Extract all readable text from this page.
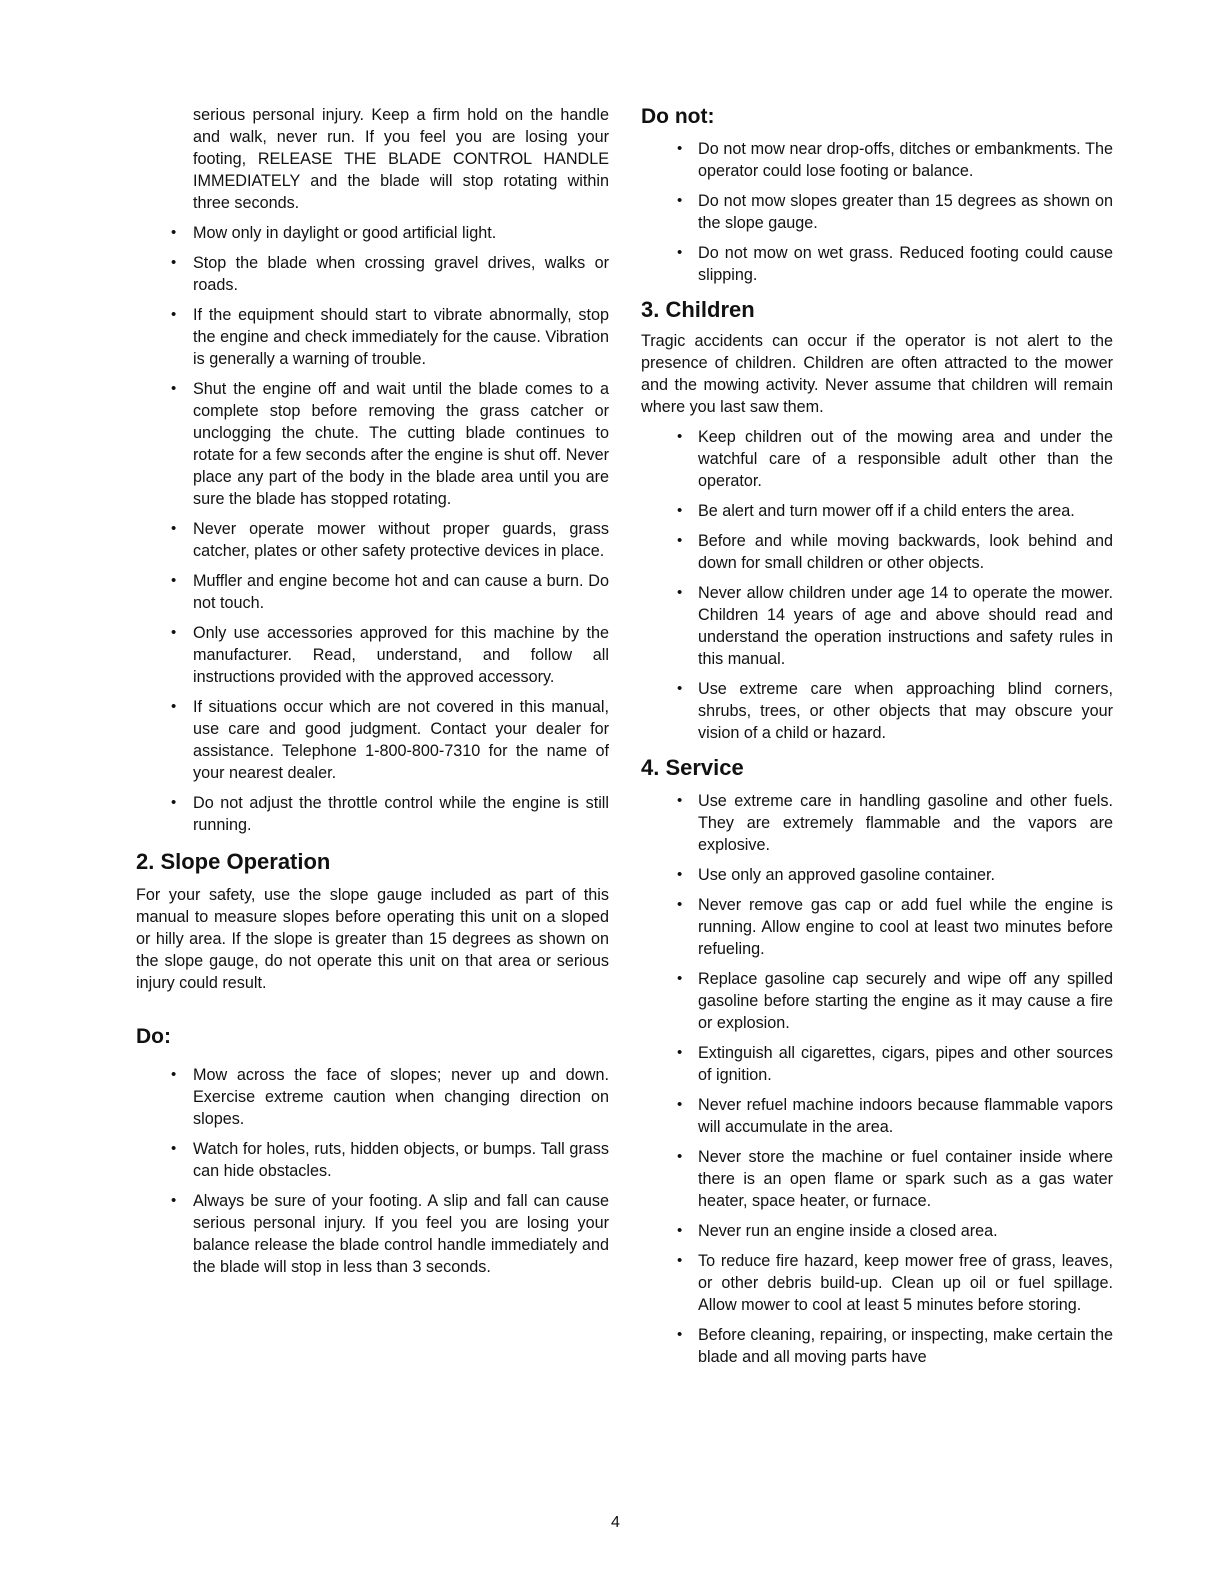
serious personal injury. Keep a firm hold on the handle and walk, never run. If you feel you are losing your footing, RELEASE THE BLADE CONTROL HANDLE IMMEDIATELY and the blade will stop rotating within three seconds.

• Mow only in daylight or good artificial light.
• Stop the blade when crossing gravel drives, walks or roads.
• If the equipment should start to vibrate abnormally, stop the engine and check immediately for the cause. Vibration is generally a warning of trouble.
• Shut the engine off and wait until the blade comes to a complete stop before removing the grass catcher or unclogging the chute. The cutting blade continues to rotate for a few seconds after the engine is shut off. Never place any part of the body in the blade area until you are sure the blade has stopped rotating.
• Never operate mower without proper guards, grass catcher, plates or other safety protective devices in place.
• Muffler and engine become hot and can cause a burn. Do not touch.
• Only use accessories approved for this machine by the manufacturer. Read, understand, and follow all instructions provided with the approved accessory.
• If situations occur which are not covered in this manual, use care and good judgment. Contact your dealer for assistance. Telephone 1-800-800-7310 for the name of your nearest dealer.
• Do not adjust the throttle control while the engine is still running.
2. Slope Operation

For your safety, use the slope gauge included as part of this manual to measure slopes before operating this unit on a sloped or hilly area. If the slope is greater than 15 degrees as shown on the slope gauge, do not operate this unit on that area or serious injury could result.

Do:
• Mow across the face of slopes; never up and down. Exercise extreme caution when changing direction on slopes.
• Watch for holes, ruts, hidden objects, or bumps. Tall grass can hide obstacles.
• Always be sure of your footing. A slip and fall can cause serious personal injury. If you feel you are losing your balance release the blade control handle immediately and the blade will stop in less than 3 seconds.
Do not:
• Do not mow near drop-offs, ditches or embankments. The operator could lose footing or balance.
• Do not mow slopes greater than 15 degrees as shown on the slope gauge.
• Do not mow on wet grass. Reduced footing could cause slipping.
3. Children

Tragic accidents can occur if the operator is not alert to the presence of children. Children are often attracted to the mower and the mowing activity. Never assume that children will remain where you last saw them.

• Keep children out of the mowing area and under the watchful care of a responsible adult other than the operator.
• Be alert and turn mower off if a child enters the area.
• Before and while moving backwards, look behind and down for small children or other objects.
• Never allow children under age 14 to operate the mower. Children 14 years of age and above should read and understand the operation instructions and safety rules in this manual.
• Use extreme care when approaching blind corners, shrubs, trees, or other objects that may obscure your vision of a child or hazard.
4. Service
• Use extreme care in handling gasoline and other fuels. They are extremely flammable and the vapors are explosive.
• Use only an approved gasoline container.
• Never remove gas cap or add fuel while the engine is running. Allow engine to cool at least two minutes before refueling.
• Replace gasoline cap securely and wipe off any spilled gasoline before starting the engine as it may cause a fire or explosion.
• Extinguish all cigarettes, cigars, pipes and other sources of ignition.
• Never refuel machine indoors because flammable vapors will accumulate in the area.
• Never store the machine or fuel container inside where there is an open flame or spark such as a gas water heater, space heater, or furnace.
• Never run an engine inside a closed area.
• To reduce fire hazard, keep mower free of grass, leaves, or other debris build-up. Clean up oil or fuel spillage. Allow mower to cool at least 5 minutes before storing.
• Before cleaning, repairing, or inspecting, make certain the blade and all moving parts have
4
